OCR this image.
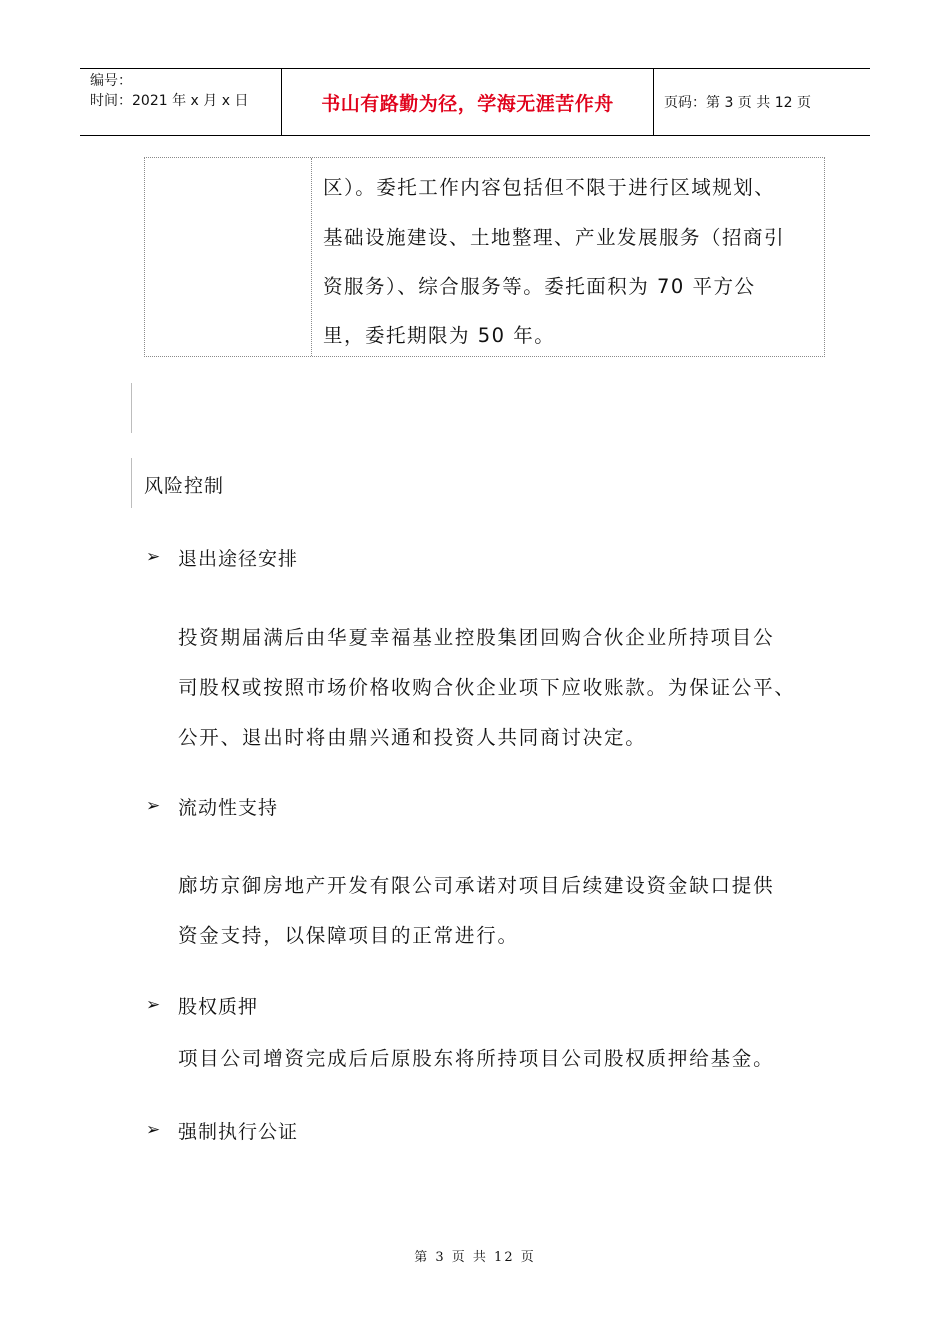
编号：
时间：2021 年 x 月 x 日	书山有路勤为径，学海无涯苦作舟	页码：第 3 页 共 12 页
区）。委托工作内容包括但不限于进行区域规划、
基础设施建设、土地整理、产业发展服务（招商引
资服务）、综合服务等。委托面积为 70 平方公
里，委托期限为 50 年。
风险控制
➢ 退出途径安排
投资期届满后由华夏幸福基业控股集团回购合伙企业所持项目公
司股权或按照市场价格收购合伙企业项下应收账款。为保证公平、
公开、退出时将由鼎兴通和投资人共同商讨决定。
➢ 流动性支持
廊坊京御房地产开发有限公司承诺对项目后续建设资金缺口提供
资金支持，以保障项目的正常进行。
➢ 股权质押
项目公司增资完成后后原股东将所持项目公司股权质押给基金。
➢ 强制执行公证
第 3 页 共 12 页
